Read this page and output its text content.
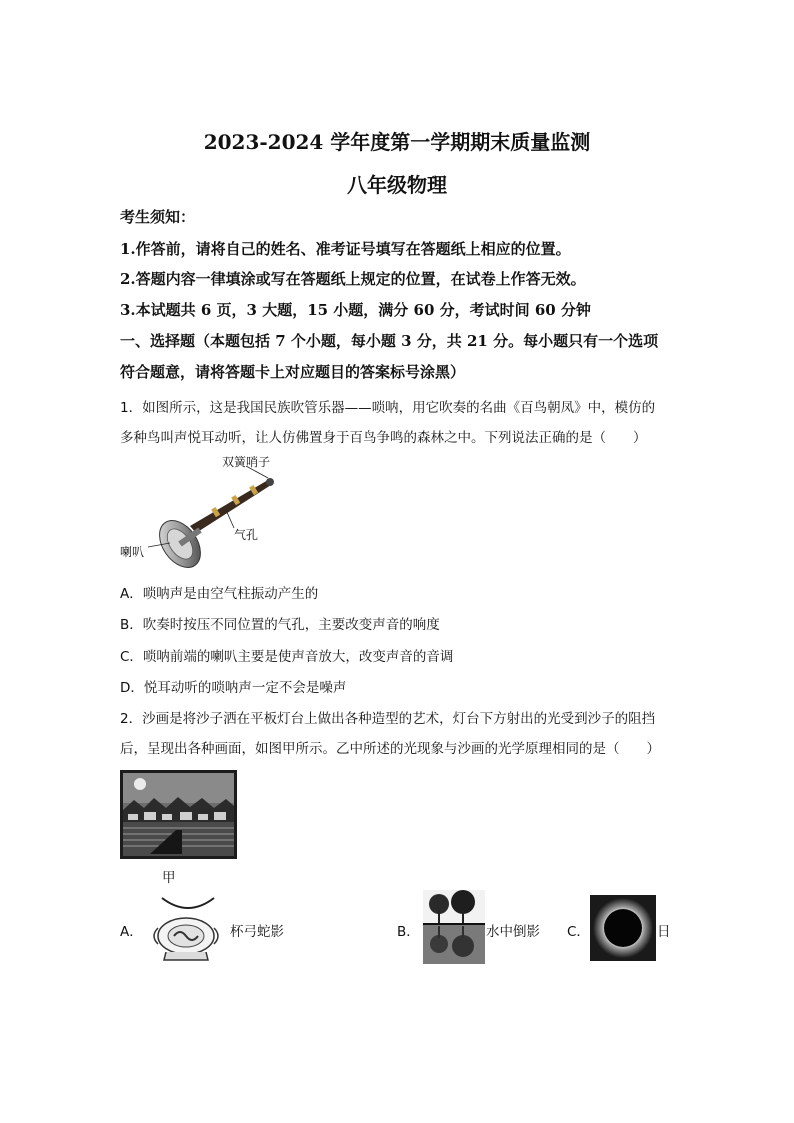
2023-2024 学年度第一学期期末质量监测
八年级物理
考生须知：
1.作答前，请将自己的姓名、准考证号填写在答题纸上相应的位置。
2.答题内容一律填涂或写在答题纸上规定的位置，在试卷上作答无效。
3.本试题共 6 页，3 大题，15 小题，满分 60 分，考试时间 60 分钟
一、选择题（本题包括 7 个小题，每小题 3 分，共 21 分。每小题只有一个选项
符合题意，请将答题卡上对应题目的答案标号涂黑）
1．如图所示，这是我国民族吹管乐器——唢呐，用它吹奏的名曲《百鸟朝凤》中，模仿的
多种鸟叫声悦耳动听，让人仿佛置身于百鸟争鸣的森林之中。下列说法正确的是（　　）
双簧哨子
气孔
喇叭
A．唢呐声是由空气柱振动产生的
B．吹奏时按压不同位置的气孔，主要改变声音的响度
C．唢呐前端的喇叭主要是使声音放大，改变声音的音调
D．悦耳动听的唢呐声一定不会是噪声
2．沙画是将沙子洒在平板灯台上做出各种造型的艺术，灯台下方射出的光受到沙子的阻挡
后，呈现出各种画面，如图甲所示。乙中所述的光现象与沙画的光学原理相同的是（　　）
甲
A．	杯弓蛇影	B．	水中倒影 C．	日
